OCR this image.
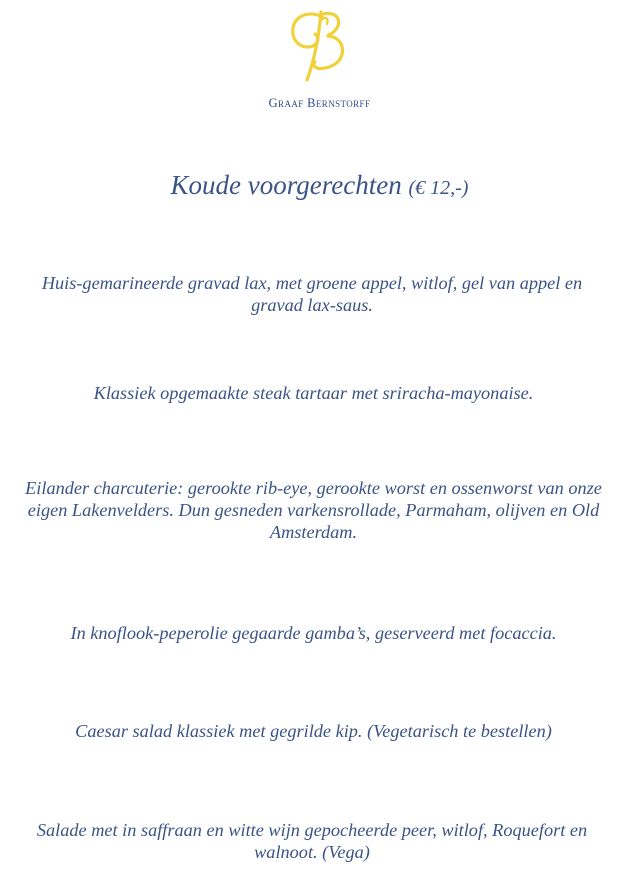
Graaf Bernstorff
Koude voorgerechten (€ 12,-)

Huis-gemarineerde gravad lax, met groene appel, witlof, gel van appel en gravad lax-saus.

Klassiek opgemaakte steak tartaar met sriracha-mayonaise.

Eilander charcuterie: gerookte rib-eye, gerookte worst en ossenworst van onze eigen Lakenvelders. Dun gesneden varkensrollade, Parmaham, olijven en Old Amsterdam.

In knoflook-peperolie gegaarde gamba’s, geserveerd met focaccia.

Caesar salad klassiek met gegrilde kip. (Vegetarisch te bestellen)

Salade met in saffraan en witte wijn gepocheerde peer, witlof, Roquefort en walnoot. (Vega)
